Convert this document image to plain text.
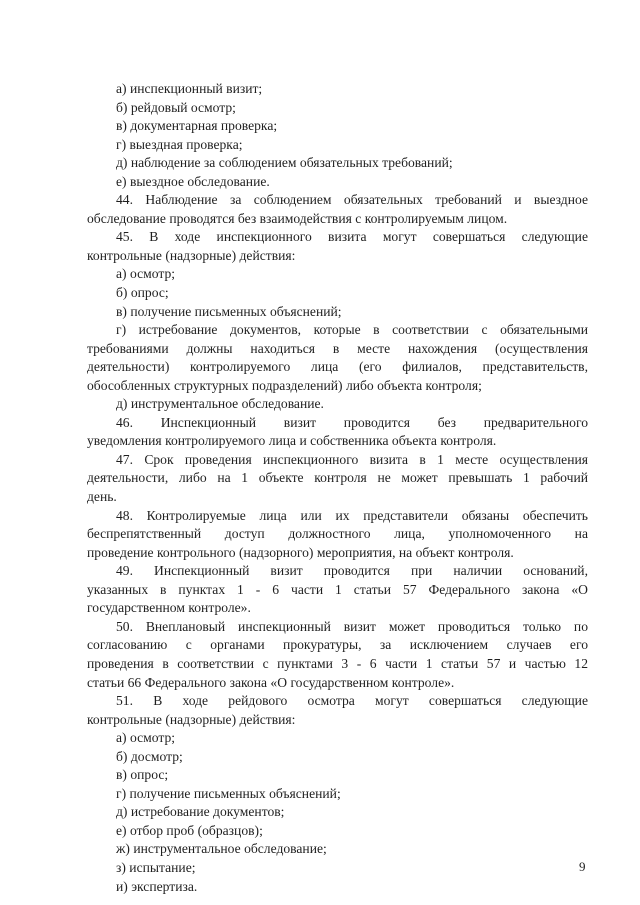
а) инспекционный визит;
б) рейдовый осмотр;
в) документарная проверка;
г) выездная проверка;
д) наблюдение за соблюдением обязательных требований;
е) выездное обследование.
44. Наблюдение за соблюдением обязательных требований и выездное
обследование проводятся без взаимодействия с контролируемым лицом.
45. В ходе инспекционного визита могут совершаться следующие
контрольные (надзорные) действия:
а) осмотр;
б) опрос;
в) получение письменных объяснений;
г) истребование документов, которые в соответствии с обязательными
требованиями должны находиться в месте нахождения (осуществления
деятельности) контролируемого лица (его филиалов, представительств,
обособленных структурных подразделений) либо объекта контроля;
д) инструментальное обследование.
46. Инспекционный визит проводится без предварительного
уведомления контролируемого лица и собственника объекта контроля.
47. Срок проведения инспекционного визита в 1 месте осуществления
деятельности, либо на 1 объекте контроля не может превышать 1 рабочий
день.
48. Контролируемые лица или их представители обязаны обеспечить
беспрепятственный доступ должностного лица, уполномоченного на
проведение контрольного (надзорного) мероприятия, на объект контроля.
49. Инспекционный визит проводится при наличии оснований,
указанных в пунктах 1 - 6 части 1 статьи 57 Федерального закона «О
государственном контроле».
50. Внеплановый инспекционный визит может проводиться только по
согласованию с органами прокуратуры, за исключением случаев его
проведения в соответствии с пунктами 3 - 6 части 1 статьи 57 и частью 12
статьи 66 Федерального закона «О государственном контроле».
51. В ходе рейдового осмотра могут совершаться следующие
контрольные (надзорные) действия:
а) осмотр;
б) досмотр;
в) опрос;
г) получение письменных объяснений;
д) истребование документов;
е) отбор проб (образцов);
ж) инструментальное обследование;
з) испытание;
и) экспертиза.
9
